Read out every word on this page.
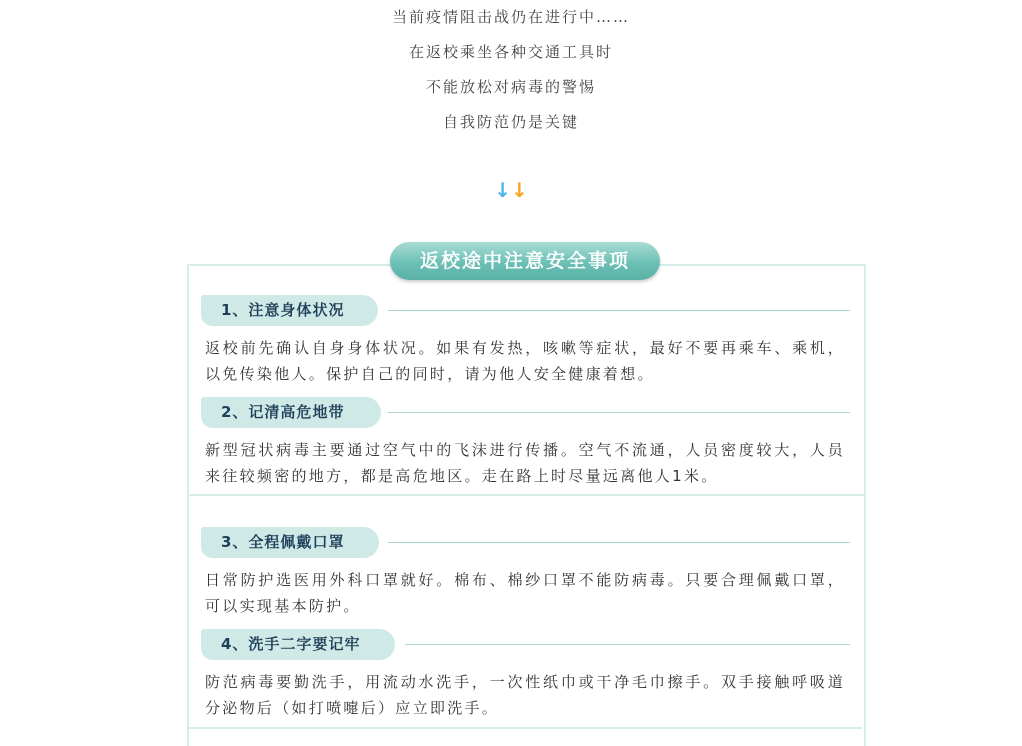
当前疫情阻击战仍在进行中……
在返校乘坐各种交通工具时
不能放松对病毒的警惕
自我防范仍是关键
↓↓
返校途中注意安全事项
1、注意身体状况
返校前先确认自身身体状况。如果有发热，咳嗽等症状，最好不要再乘车、乘机，以免传染他人。保护自己的同时，请为他人安全健康着想。
2、记清高危地带
新型冠状病毒主要通过空气中的飞沫进行传播。空气不流通，人员密度较大，人员来往较频密的地方，都是高危地区。走在路上时尽量远离他人1米。
3、全程佩戴口罩
日常防护选医用外科口罩就好。棉布、棉纱口罩不能防病毒。只要合理佩戴口罩，可以实现基本防护。
4、洗手二字要记牢
防范病毒要勤洗手，用流动水洗手，一次性纸巾或干净毛巾擦手。双手接触呼吸道分泌物后（如打喷嚏后）应立即洗手。
